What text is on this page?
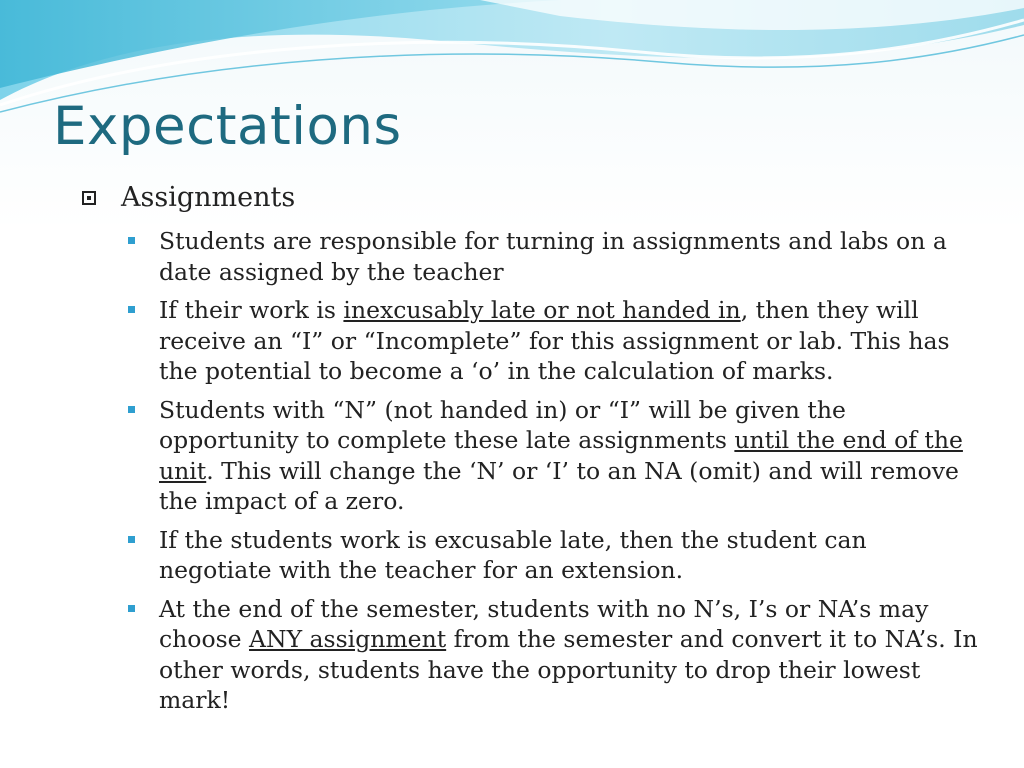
Expectations
Assignments
Students are responsible for turning in assignments and labs on a date assigned by the teacher
If their work is inexcusably late or not handed in, then they will receive an “I” or “Incomplete” for this assignment or lab. This has the potential to become a ‘o’ in the calculation of marks.
Students with “N” (not handed in) or “I” will be given the opportunity to complete these late assignments until the end of the unit. This will change the ‘N’ or ‘I’ to an NA (omit) and will remove the impact of a zero.
If the students work is excusable late, then the student can negotiate with the teacher for an extension.
At the end of the semester, students with no N’s, I’s or NA’s may choose ANY assignment from the semester and convert it to NA’s. In other words, students have the opportunity to drop their lowest mark!
